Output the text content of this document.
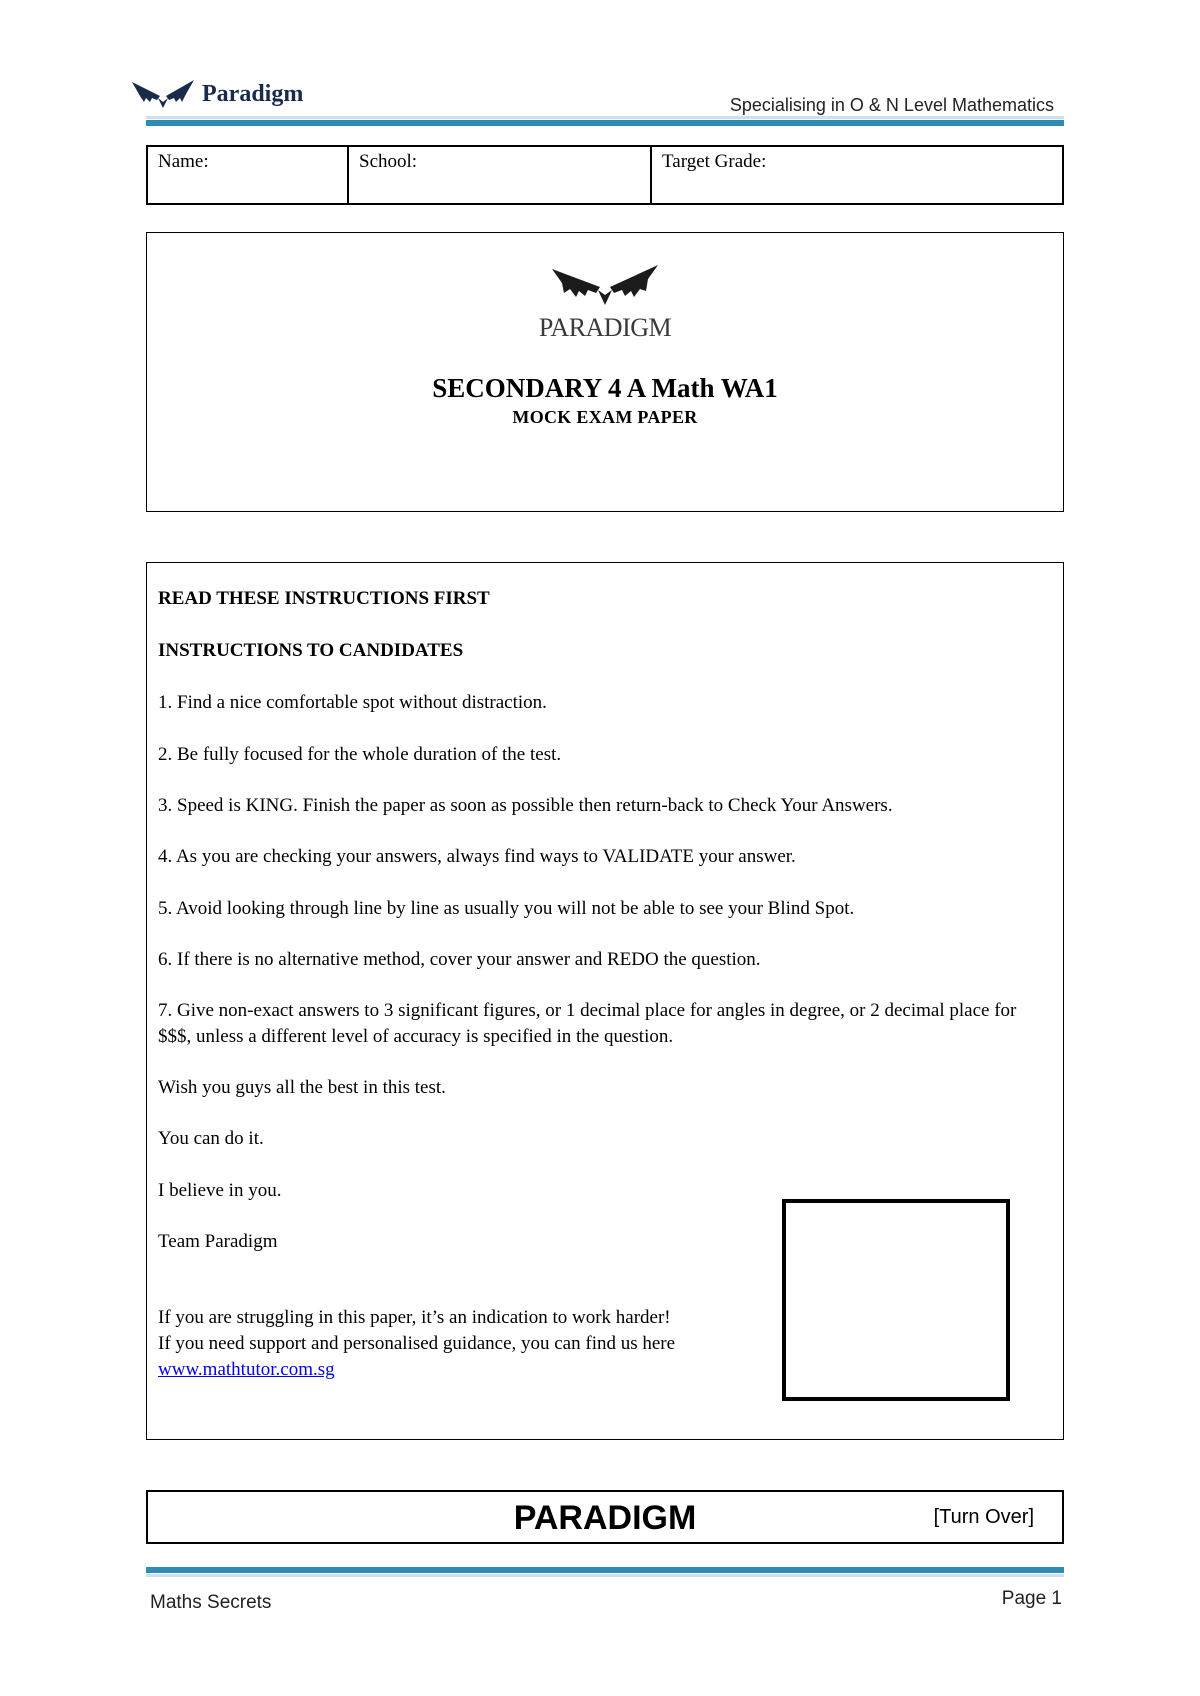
Paradigm	Specialising in O & N Level Mathematics
Name:	School:	Target Grade:
PARADIGM
SECONDARY 4 A Math WA1
MOCK EXAM PAPER
READ THESE INSTRUCTIONS FIRST
INSTRUCTIONS TO CANDIDATES
1. Find a nice comfortable spot without distraction.
2. Be fully focused for the whole duration of the test.
3. Speed is KING. Finish the paper as soon as possible then return-back to Check Your Answers.
4. As you are checking your answers, always find ways to VALIDATE your answer.
5. Avoid looking through line by line as usually you will not be able to see your Blind Spot.
6. If there is no alternative method, cover your answer and REDO the question.
7. Give non-exact answers to 3 significant figures, or 1 decimal place for angles in degree, or 2 decimal place for $$$, unless a different level of accuracy is specified in the question.
Wish you guys all the best in this test.
You can do it.
I believe in you.
Team Paradigm
If you are struggling in this paper, it’s an indication to work harder!
If you need support and personalised guidance, you can find us here
www.mathtutor.com.sg
PARADIGM	[Turn Over]
Maths Secrets	Page 1
